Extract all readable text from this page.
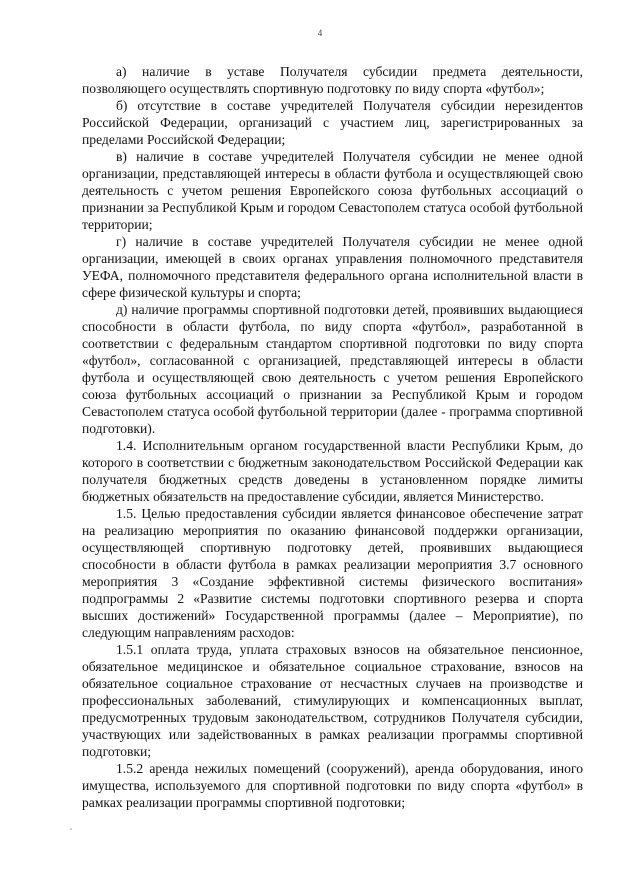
4

а) наличие в уставе Получателя субсидии предмета деятельности, позволяющего осуществлять спортивную подготовку по виду спорта «футбол»;

б) отсутствие в составе учредителей Получателя субсидии нерезидентов Российской Федерации, организаций с участием лиц, зарегистрированных за пределами Российской Федерации;

в) наличие в составе учредителей Получателя субсидии не менее одной организации, представляющей интересы в области футбола и осуществляющей свою деятельность с учетом решения Европейского союза футбольных ассоциаций о признании за Республикой Крым и городом Севастополем статуса особой футбольной территории;

г) наличие в составе учредителей Получателя субсидии не менее одной организации, имеющей в своих органах управления полномочного представителя УЕФА, полномочного представителя федерального органа исполнительной власти в сфере физической культуры и спорта;

д) наличие программы спортивной подготовки детей, проявивших выдающиеся способности в области футбола, по виду спорта «футбол», разработанной в соответствии с федеральным стандартом спортивной подготовки по виду спорта «футбол», согласованной с организацией, представляющей интересы в области футбола и осуществляющей свою деятельность с учетом решения Европейского союза футбольных ассоциаций о признании за Республикой Крым и городом Севастополем статуса особой футбольной территории (далее - программа спортивной подготовки).

1.4. Исполнительным органом государственной власти Республики Крым, до которого в соответствии с бюджетным законодательством Российской Федерации как получателя бюджетных средств доведены в установленном порядке лимиты бюджетных обязательств на предоставление субсидии, является Министерство.

1.5. Целью предоставления субсидии является финансовое обеспечение затрат на реализацию мероприятия по оказанию финансовой поддержки организации, осуществляющей спортивную подготовку детей, проявивших выдающиеся способности в области футбола в рамках реализации мероприятия 3.7 основного мероприятия 3 «Создание эффективной системы физического воспитания» подпрограммы 2 «Развитие системы подготовки спортивного резерва и спорта высших достижений» Государственной программы (далее – Мероприятие), по следующим направлениям расходов:

1.5.1 оплата труда, уплата страховых взносов на обязательное пенсионное, обязательное медицинское и обязательное социальное страхование, взносов на обязательное социальное страхование от несчастных случаев на производстве и профессиональных заболеваний, стимулирующих и компенсационных выплат, предусмотренных трудовым законодательством, сотрудников Получателя субсидии, участвующих или задействованных в рамках реализации программы спортивной подготовки;

1.5.2 аренда нежилых помещений (сооружений), аренда оборудования, иного имущества, используемого для спортивной подготовки по виду спорта «футбол» в рамках реализации программы спортивной подготовки;
